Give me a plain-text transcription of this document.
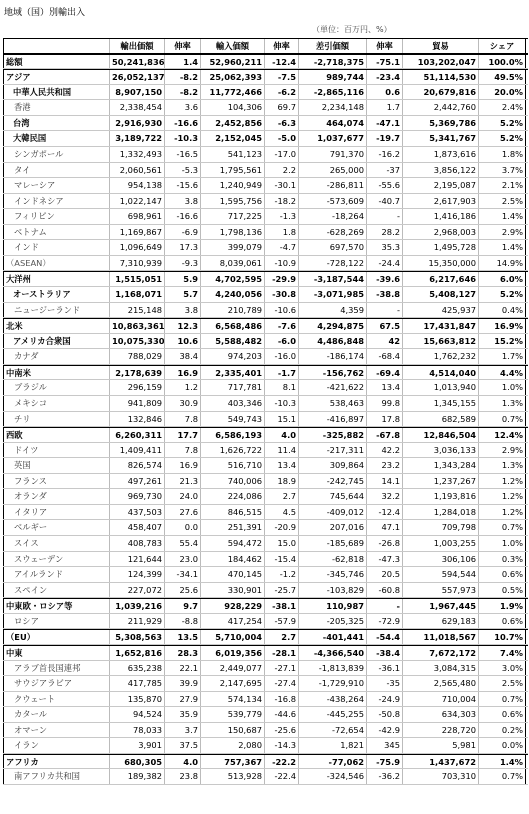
地域（国）別輸出入
（単位：百万円、%）
輸出価額	伸率	輸入価額	伸率	差引価額	伸率	貿易	シェア
総額	50,241,836	1.4	52,960,211	-12.4	-2,718,375	-75.1	103,202,047	100.0%
アジア	26,052,137	-8.2	25,062,393	-7.5	989,744	-23.4	51,114,530	49.5%
中華人民共和国	8,907,150	-8.2	11,772,466	-6.2	-2,865,116	0.6	20,679,816	20.0%
香港	2,338,454	3.6	104,306	69.7	2,234,148	1.7	2,442,760	2.4%
台湾	2,916,930	-16.6	2,452,856	-6.3	464,074	-47.1	5,369,786	5.2%
大韓民国	3,189,722	-10.3	2,152,045	-5.0	1,037,677	-19.7	5,341,767	5.2%
シンガポール	1,332,493	-16.5	541,123	-17.0	791,370	-16.2	1,873,616	1.8%
タイ	2,060,561	-5.3	1,795,561	2.2	265,000	-37	3,856,122	3.7%
マレーシア	954,138	-15.6	1,240,949	-30.1	-286,811	-55.6	2,195,087	2.1%
インドネシア	1,022,147	3.8	1,595,756	-18.2	-573,609	-40.7	2,617,903	2.5%
フィリピン	698,961	-16.6	717,225	-1.3	-18,264	-	1,416,186	1.4%
ベトナム	1,169,867	-6.9	1,798,136	1.8	-628,269	28.2	2,968,003	2.9%
インド	1,096,649	17.3	399,079	-4.7	697,570	35.3	1,495,728	1.4%
（ASEAN）	7,310,939	-9.3	8,039,061	-10.9	-728,122	-24.4	15,350,000	14.9%
大洋州	1,515,051	5.9	4,702,595	-29.9	-3,187,544	-39.6	6,217,646	6.0%
オーストラリア	1,168,071	5.7	4,240,056	-30.8	-3,071,985	-38.8	5,408,127	5.2%
ニュージーランド	215,148	3.8	210,789	-10.6	4,359	-	425,937	0.4%
北米	10,863,361	12.3	6,568,486	-7.6	4,294,875	67.5	17,431,847	16.9%
アメリカ合衆国	10,075,330	10.6	5,588,482	-6.0	4,486,848	42	15,663,812	15.2%
カナダ	788,029	38.4	974,203	-16.0	-186,174	-68.4	1,762,232	1.7%
中南米	2,178,639	16.9	2,335,401	-1.7	-156,762	-69.4	4,514,040	4.4%
ブラジル	296,159	1.2	717,781	8.1	-421,622	13.4	1,013,940	1.0%
メキシコ	941,809	30.9	403,346	-10.3	538,463	99.8	1,345,155	1.3%
チリ	132,846	7.8	549,743	15.1	-416,897	17.8	682,589	0.7%
西欧	6,260,311	17.7	6,586,193	4.0	-325,882	-67.8	12,846,504	12.4%
ドイツ	1,409,411	7.8	1,626,722	11.4	-217,311	42.2	3,036,133	2.9%
英国	826,574	16.9	516,710	13.4	309,864	23.2	1,343,284	1.3%
フランス	497,261	21.3	740,006	18.9	-242,745	14.1	1,237,267	1.2%
オランダ	969,730	24.0	224,086	2.7	745,644	32.2	1,193,816	1.2%
イタリア	437,503	27.6	846,515	4.5	-409,012	-12.4	1,284,018	1.2%
ベルギー	458,407	0.0	251,391	-20.9	207,016	47.1	709,798	0.7%
スイス	408,783	55.4	594,472	15.0	-185,689	-26.8	1,003,255	1.0%
スウェーデン	121,644	23.0	184,462	-15.4	-62,818	-47.3	306,106	0.3%
アイルランド	124,399	-34.1	470,145	-1.2	-345,746	20.5	594,544	0.6%
スペイン	227,072	25.6	330,901	-25.7	-103,829	-60.8	557,973	0.5%
中東欧・ロシア等	1,039,216	9.7	928,229	-38.1	110,987	-	1,967,445	1.9%
ロシア	211,929	-8.8	417,254	-57.9	-205,325	-72.9	629,183	0.6%
（EU）	5,308,563	13.5	5,710,004	2.7	-401,441	-54.4	11,018,567	10.7%
中東	1,652,816	28.3	6,019,356	-28.1	-4,366,540	-38.4	7,672,172	7.4%
アラブ首長国連邦	635,238	22.1	2,449,077	-27.1	-1,813,839	-36.1	3,084,315	3.0%
サウジアラビア	417,785	39.9	2,147,695	-27.4	-1,729,910	-35	2,565,480	2.5%
クウェート	135,870	27.9	574,134	-16.8	-438,264	-24.9	710,004	0.7%
カタール	94,524	35.9	539,779	-44.6	-445,255	-50.8	634,303	0.6%
オマーン	78,033	3.7	150,687	-25.6	-72,654	-42.9	228,720	0.2%
イラン	3,901	37.5	2,080	-14.3	1,821	345	5,981	0.0%
アフリカ	680,305	4.0	757,367	-22.2	-77,062	-75.9	1,437,672	1.4%
南アフリカ共和国	189,382	23.8	513,928	-22.4	-324,546	-36.2	703,310	0.7%
